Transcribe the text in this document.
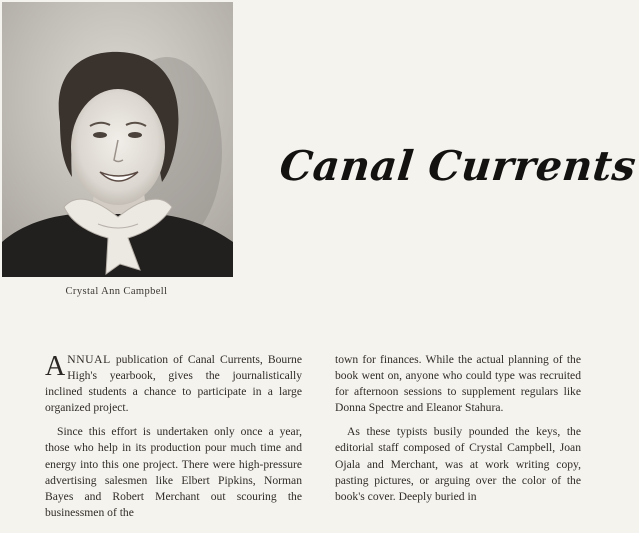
Crystal Ann Campbell
Canal Currents

ANNUAL publication of Canal Currents, Bourne High's yearbook, gives the journalistically inclined students a chance to participate in a large organized project.

Since this effort is undertaken only once a year, those who help in its production pour much time and energy into this one project. There were high-pressure advertising salesmen like Elbert Pipkins, Norman Bayes and Robert Merchant out scouring the businessmen of the

town for finances. While the actual planning of the book went on, anyone who could type was recruited for afternoon sessions to supplement regulars like Donna Spectre and Eleanor Stahura.

As these typists busily pounded the keys, the editorial staff composed of Crystal Campbell, Joan Ojala and Merchant, was at work writing copy, pasting pictures, or arguing over the color of the book's cover. Deeply buried in
